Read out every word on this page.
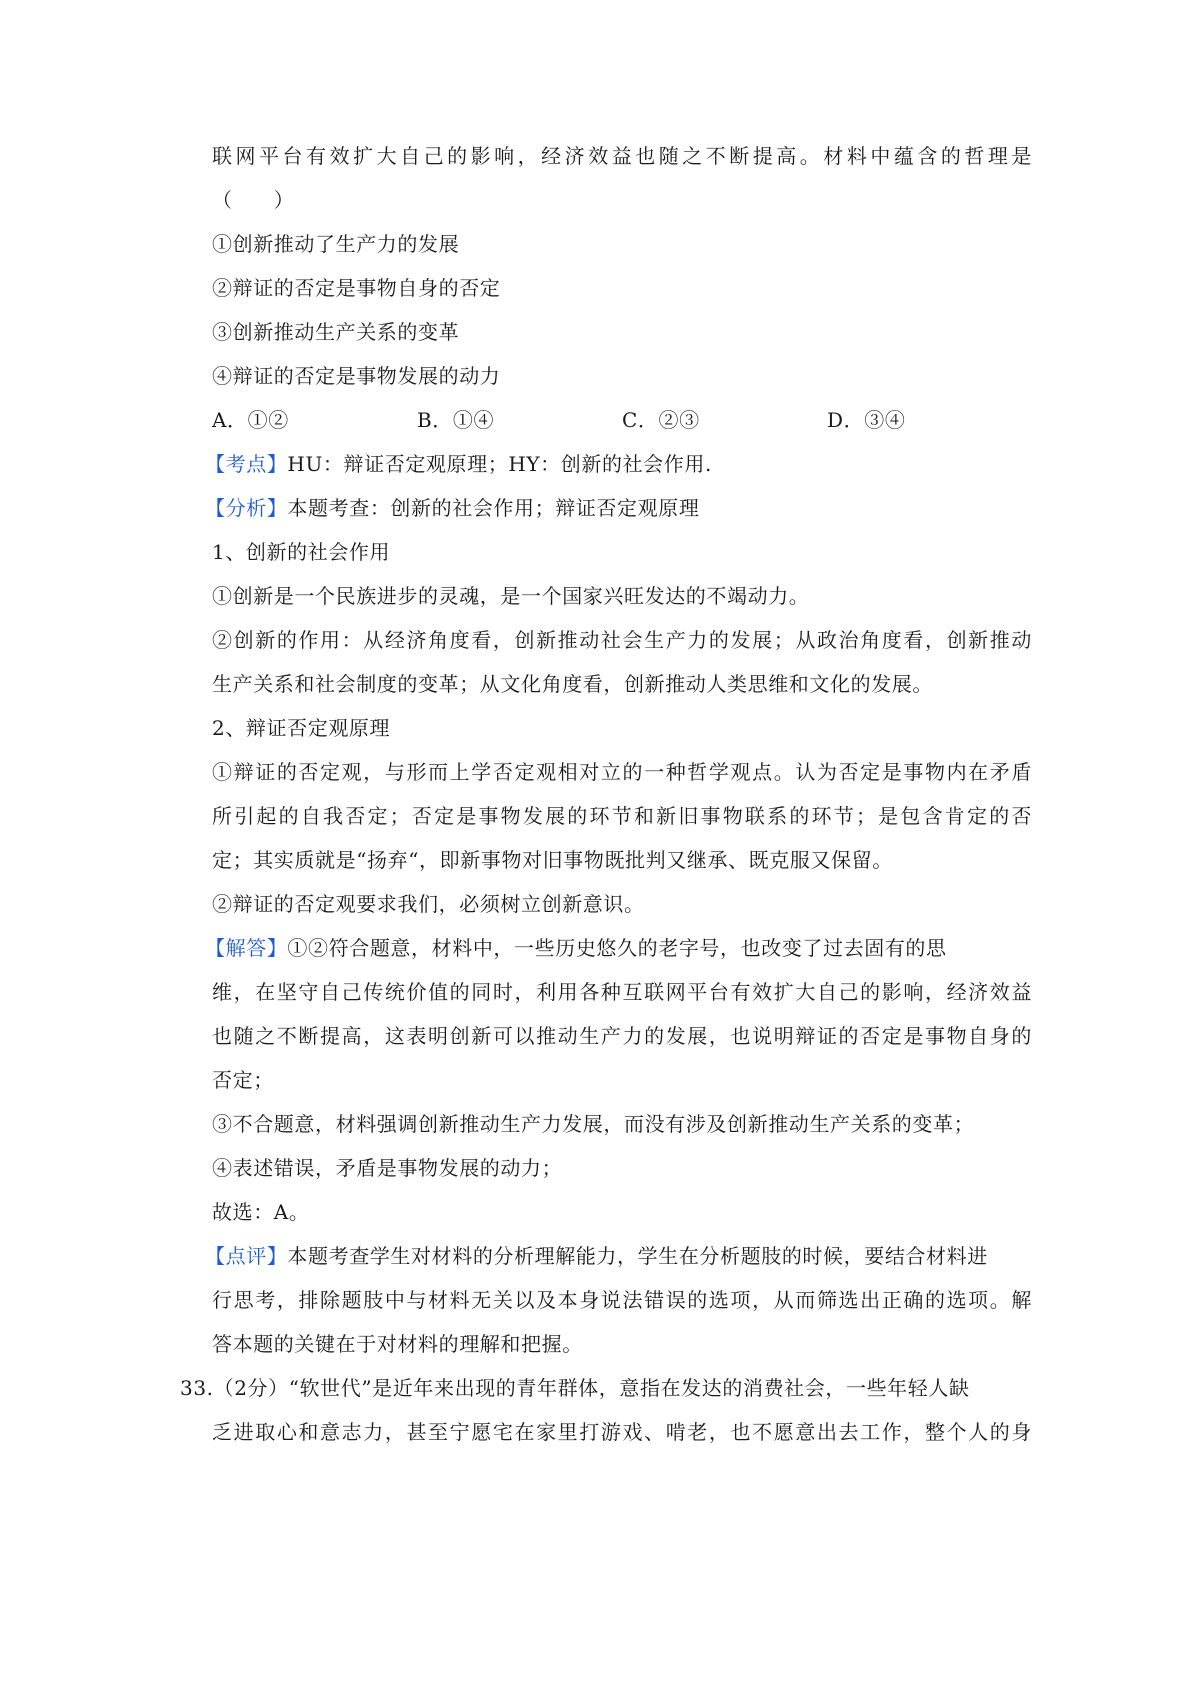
联网平台有效扩大自己的影响，经济效益也随之不断提高。材料中蕴含的哲理是
（　　）
①创新推动了生产力的发展
②辩证的否定是事物自身的否定
③创新推动生产关系的变革
④辩证的否定是事物发展的动力
A．①②	B．①④	C．②③	D．③④
【考点】HU：辩证否定观原理；HY：创新的社会作用.
【分析】本题考查：创新的社会作用；辩证否定观原理
1、创新的社会作用
①创新是一个民族进步的灵魂，是一个国家兴旺发达的不竭动力。
②创新的作用：从经济角度看，创新推动社会生产力的发展；从政治角度看，创新推动
生产关系和社会制度的变革；从文化角度看，创新推动人类思维和文化的发展。
2、辩证否定观原理
①辩证的否定观，与形而上学否定观相对立的一种哲学观点。认为否定是事物内在矛盾
所引起的自我否定；否定是事物发展的环节和新旧事物联系的环节；是包含肯定的否
定；其实质就是“扬弃“，即新事物对旧事物既批判又继承、既克服又保留。
②辩证的否定观要求我们，必须树立创新意识。
【解答】①②符合题意，材料中，一些历史悠久的老字号，也改变了过去固有的思
维，在坚守自己传统价值的同时，利用各种互联网平台有效扩大自己的影响，经济效益
也随之不断提高，这表明创新可以推动生产力的发展，也说明辩证的否定是事物自身的
否定；
③不合题意，材料强调创新推动生产力发展，而没有涉及创新推动生产关系的变革；
④表述错误，矛盾是事物发展的动力；
故选：A。
【点评】本题考查学生对材料的分析理解能力，学生在分析题肢的时候，要结合材料进
行思考，排除题肢中与材料无关以及本身说法错误的选项，从而筛选出正确的选项。解
答本题的关键在于对材料的理解和把握。
33.（2分）“软世代”是近年来出现的青年群体，意指在发达的消费社会，一些年轻人缺
乏进取心和意志力，甚至宁愿宅在家里打游戏、啃老，也不愿意出去工作，整个人的身
